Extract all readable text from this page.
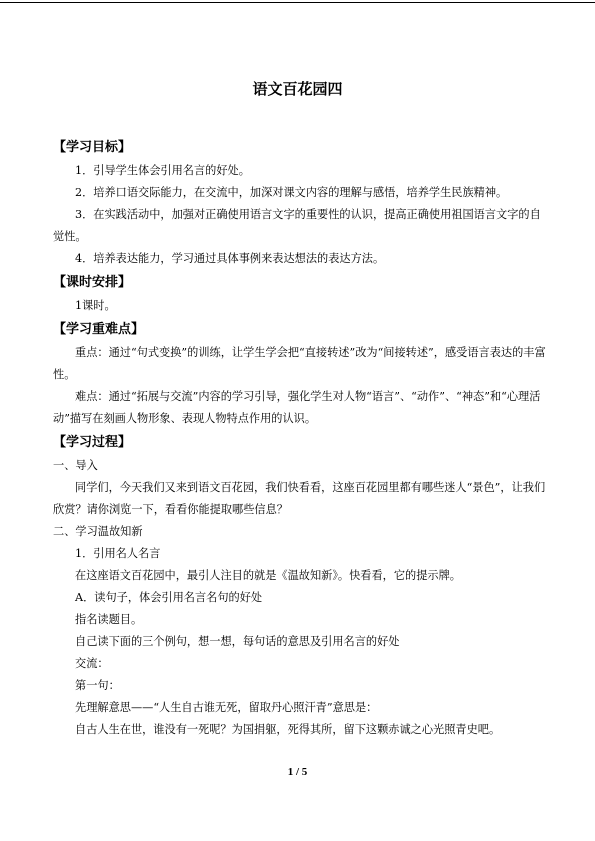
语文百花园四
【学习目标】

1．引导学生体会引用名言的好处。

2．培养口语交际能力，在交流中，加深对课文内容的理解与感悟，培养学生民族精神。

3．在实践活动中，加强对正确使用语言文字的重要性的认识，提高正确使用祖国语言文字的自觉性。

4．培养表达能力，学习通过具体事例来表达想法的表达方法。

【课时安排】

1课时。

【学习重难点】

重点：通过“句式变换”的训练，让学生学会把“直接转述”改为“间接转述”，感受语言表达的丰富性。

难点：通过“拓展与交流”内容的学习引导，强化学生对人物“语言”、“动作”、“神态”和“心理活动”描写在刻画人物形象、表现人物特点作用的认识。

【学习过程】

一、导入

同学们，今天我们又来到语文百花园，我们快看看，这座百花园里都有哪些迷人“景色”，让我们欣赏？请你浏览一下，看看你能提取哪些信息？

二、学习温故知新

1．引用名人名言

在这座语文百花园中，最引人注目的就是《温故知新》。快看看，它的提示牌。

A．读句子，体会引用名言名句的好处

指名读题目。

自己读下面的三个例句，想一想，每句话的意思及引用名言的好处

交流：

第一句：

先理解意思——“人生自古谁无死，留取丹心照汗青”意思是：

自古人生在世，谁没有一死呢？为国捐躯，死得其所，留下这颗赤诚之心光照青史吧。

1 / 5
